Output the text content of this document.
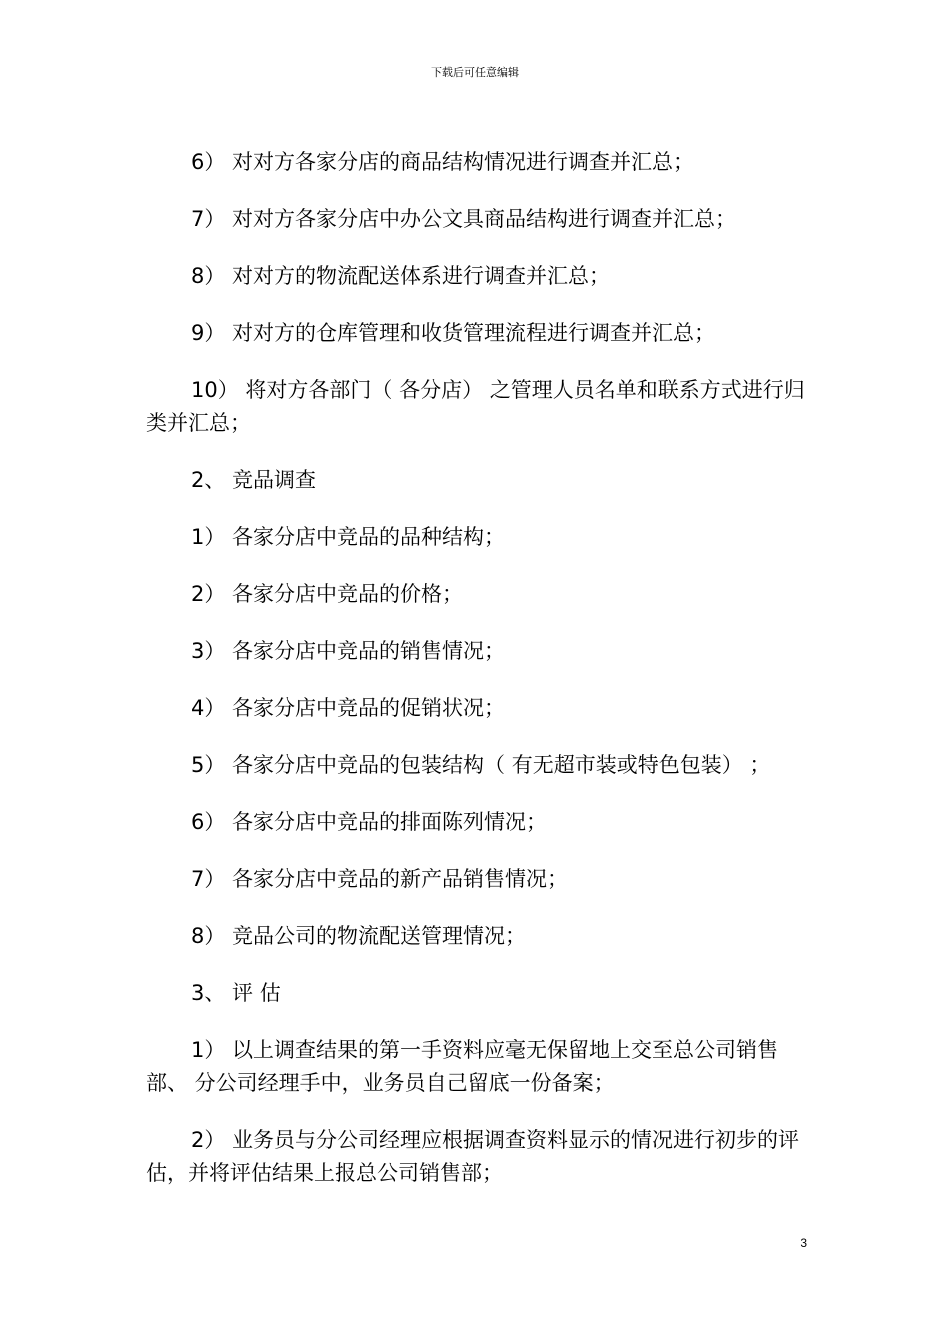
下载后可任意编辑

6） 对对方各家分店的商品结构情况进行调查并汇总；

7） 对对方各家分店中办公文具商品结构进行调查并汇总；

8） 对对方的物流配送体系进行调查并汇总；

9） 对对方的仓库管理和收货管理流程进行调查并汇总；

10） 将对方各部门（ 各分店） 之管理人员名单和联系方式进行归类并汇总；

2、 竞品调查

1） 各家分店中竞品的品种结构；

2） 各家分店中竞品的价格；

3） 各家分店中竞品的销售情况；

4） 各家分店中竞品的促销状况；

5） 各家分店中竞品的包装结构（ 有无超市装或特色包装） ；

6） 各家分店中竞品的排面陈列情况；

7） 各家分店中竞品的新产品销售情况；

8） 竞品公司的物流配送管理情况；

3、 评 估

1） 以上调查结果的第一手资料应毫无保留地上交至总公司销售部、 分公司经理手中，业务员自己留底一份备案；

2） 业务员与分公司经理应根据调查资料显示的情况进行初步的评估，并将评估结果上报总公司销售部；

3
